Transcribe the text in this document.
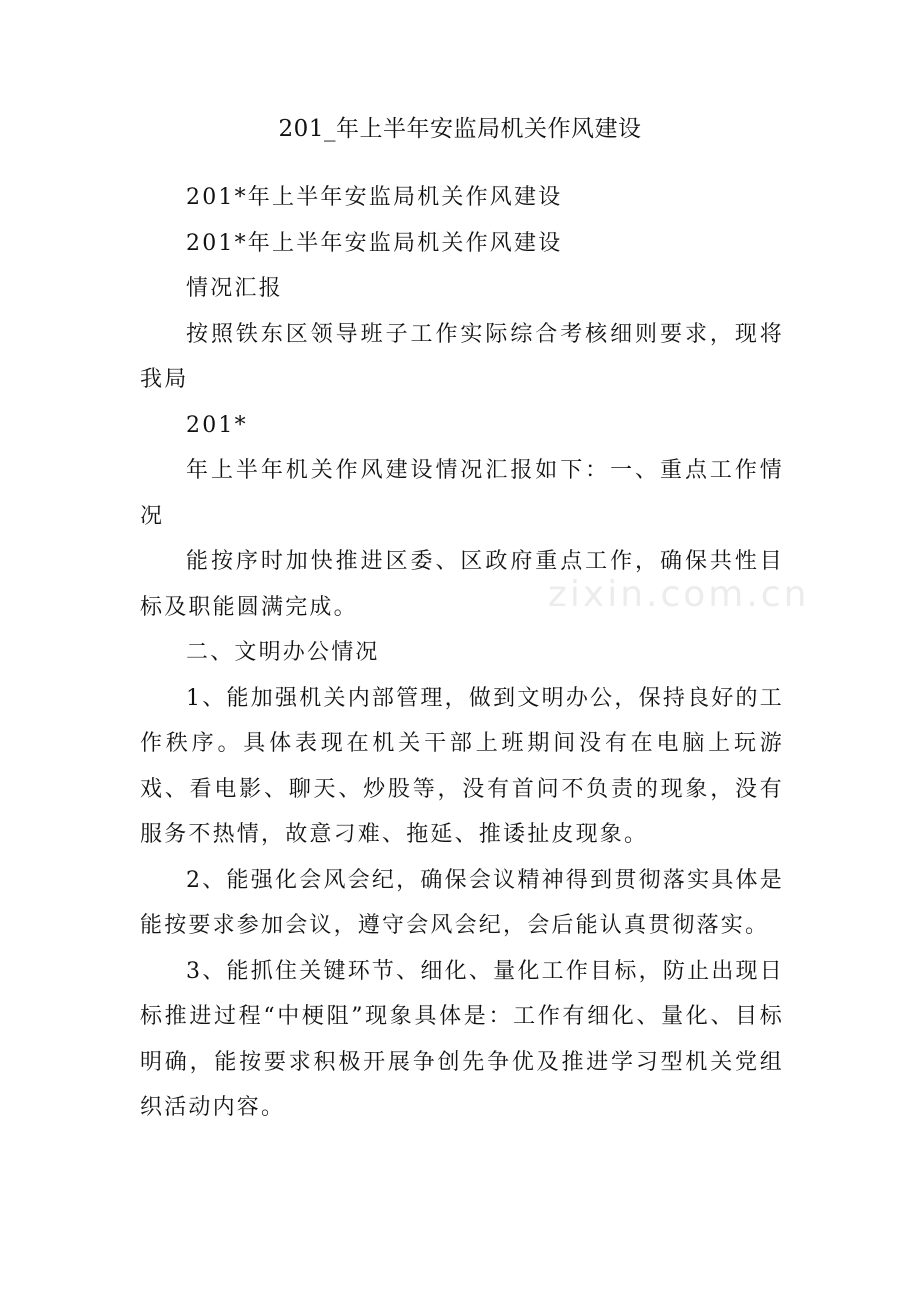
201_年上半年安监局机关作风建设

201*年上半年安监局机关作风建设

201*年上半年安监局机关作风建设

情况汇报

按照铁东区领导班子工作实际综合考核细则要求，现将我局

201*

年上半年机关作风建设情况汇报如下：一、重点工作情况

能按序时加快推进区委、区政府重点工作，确保共性目标及职能圆满完成。

二、文明办公情况

1、能加强机关内部管理，做到文明办公，保持良好的工作秩序。具体表现在机关干部上班期间没有在电脑上玩游戏、看电影、聊天、炒股等，没有首问不负责的现象，没有服务不热情，故意刁难、拖延、推诿扯皮现象。

2、能强化会风会纪，确保会议精神得到贯彻落实具体是能按要求参加会议，遵守会风会纪，会后能认真贯彻落实。

3、能抓住关键环节、细化、量化工作目标，防止出现日标推进过程“中梗阻”现象具体是：工作有细化、量化、目标明确，能按要求积极开展争创先争优及推进学习型机关党组织活动内容。

zixin.com.cn
